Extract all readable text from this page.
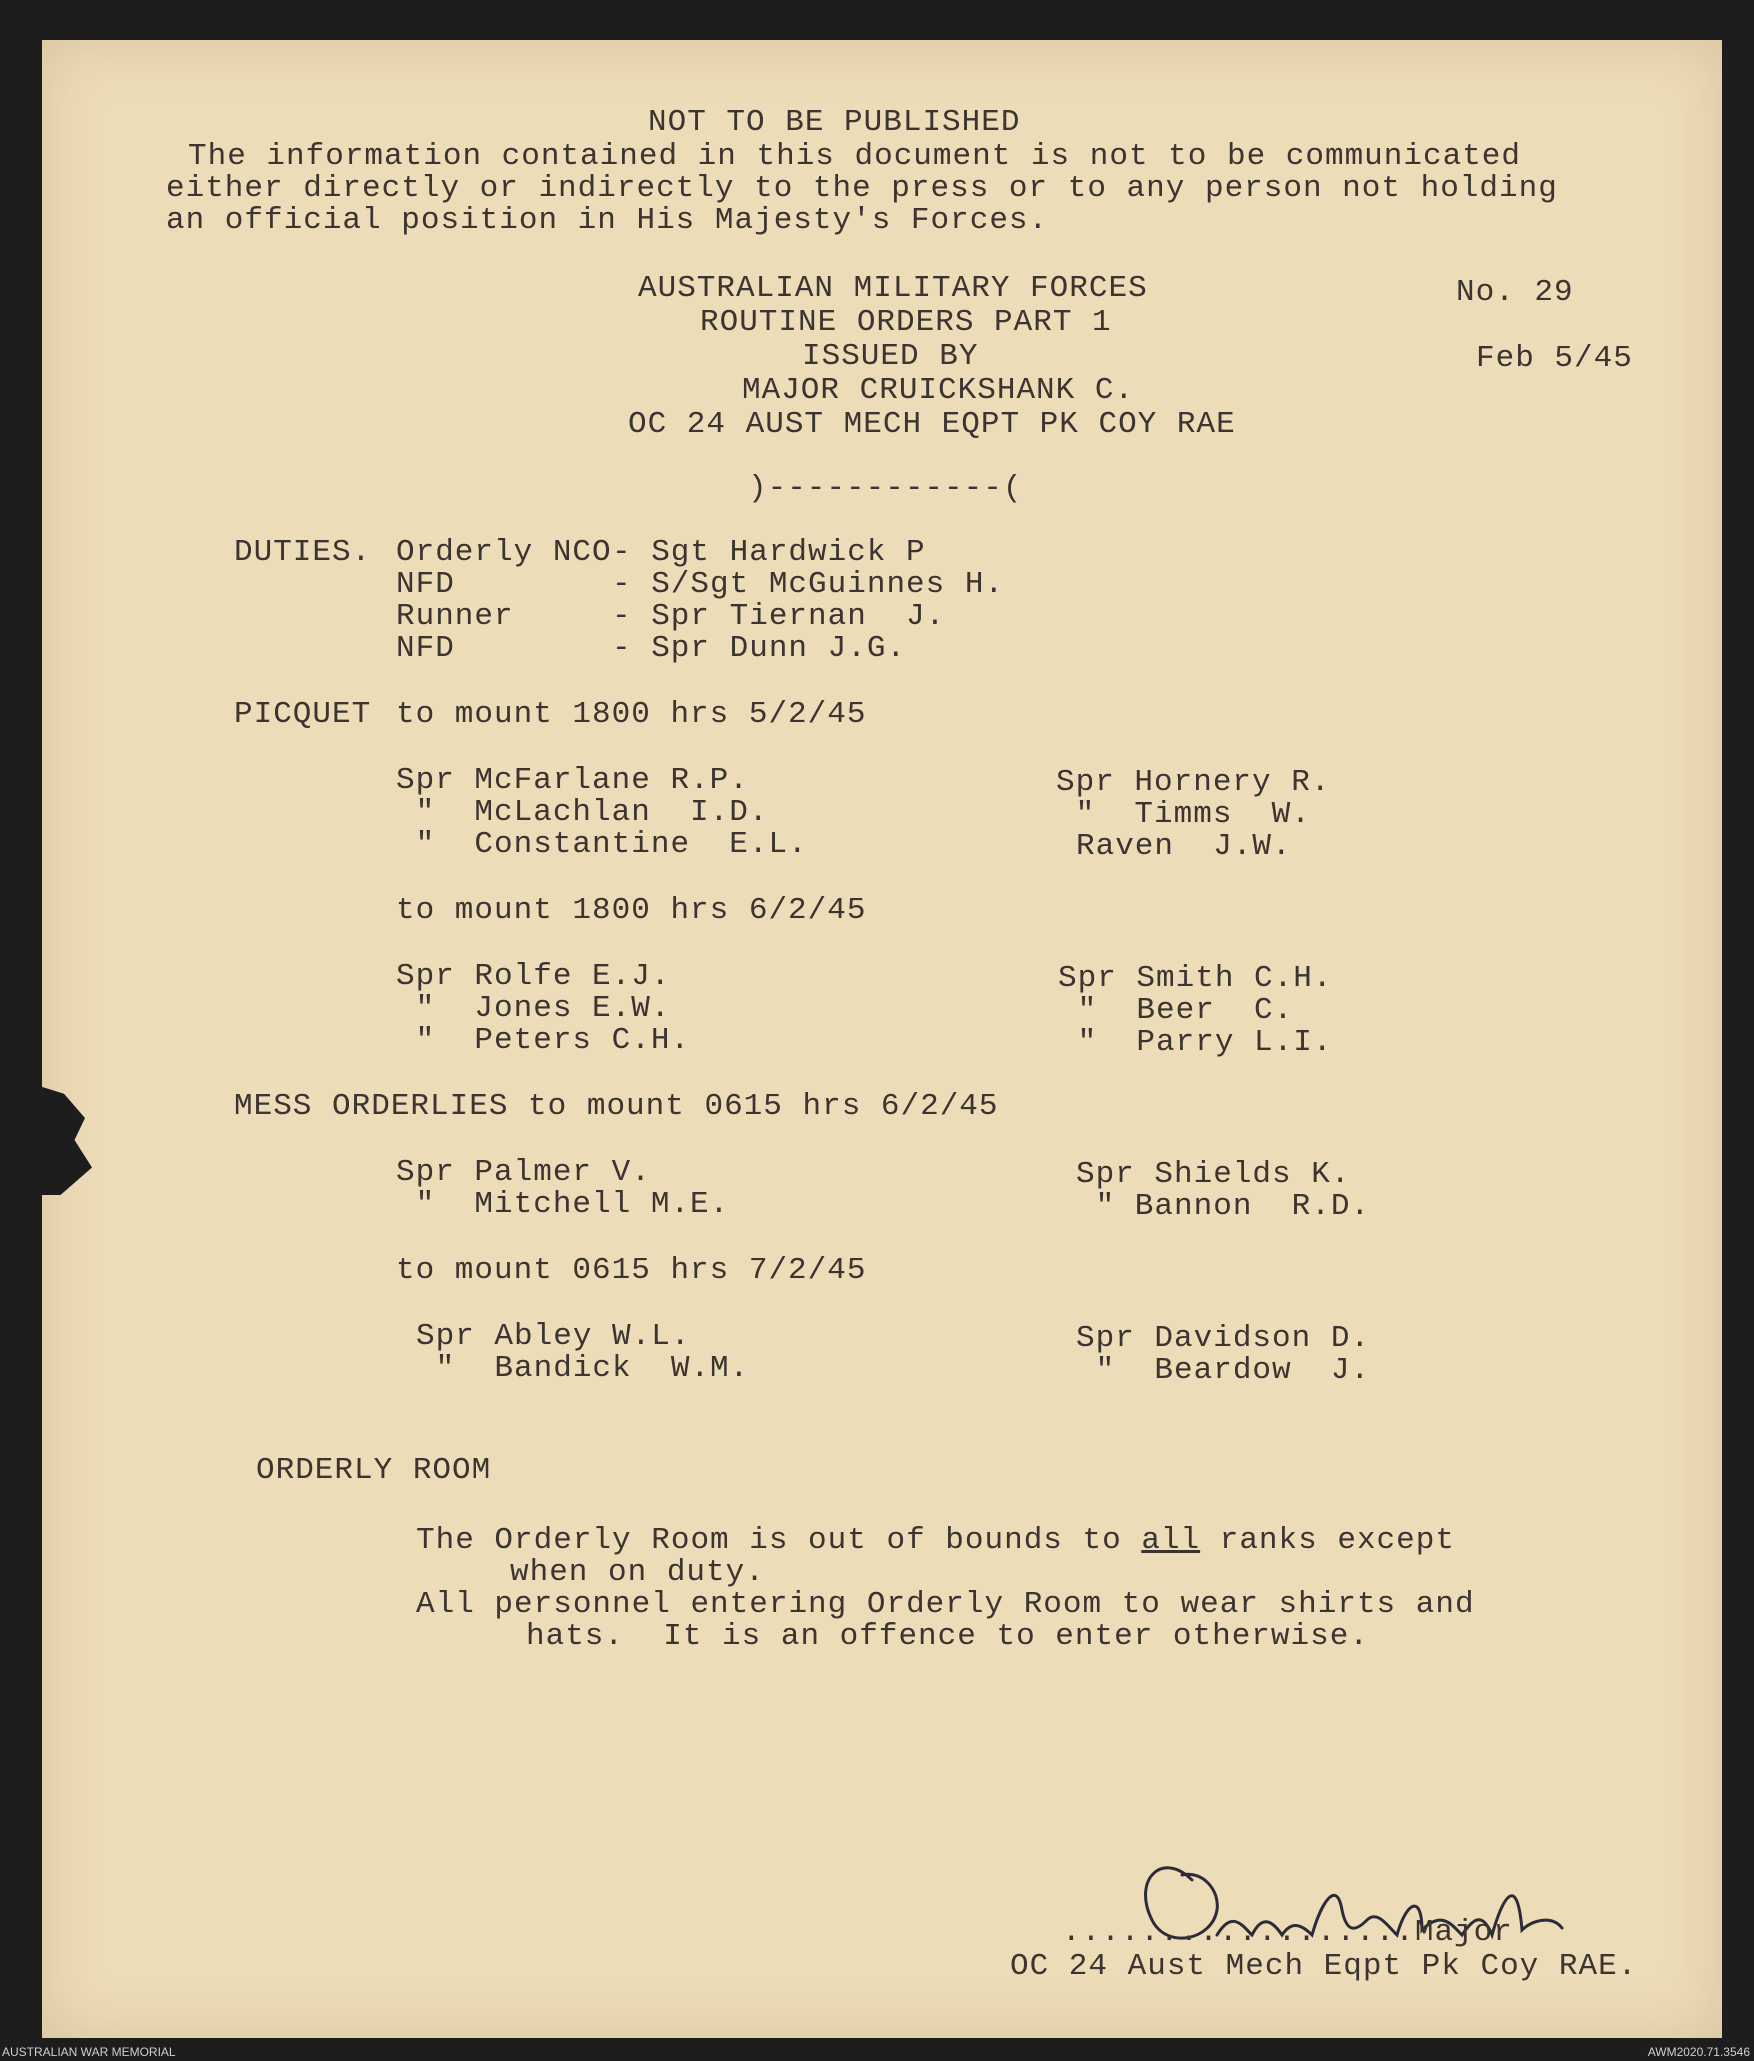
NOT TO BE PUBLISHED
The information contained in this document is not to be communicated
either directly or indirectly to the press or to any person not holding
an official position in His Majesty's Forces.
AUSTRALIAN MILITARY FORCES
ROUTINE ORDERS PART 1
ISSUED BY
MAJOR CRUICKSHANK C.
OC 24 AUST MECH EQPT PK COY RAE
No. 29
Feb 5/45
)------------(
DUTIES. Orderly NCO
NFD
Runner
NFD
- Sgt Hardwick P
- S/Sgt McGuinnes H.
- Spr Tiernan  J.
- Spr Dunn J.G.
PICQUET to mount 1800 hrs 5/2/45
Spr McFarlane R.P.
"  McLachlan  I.D.
"  Constantine  E.L.
Spr Hornery R.
"  Timms  W.
Raven  J.W.
to mount 1800 hrs 6/2/45
Spr Rolfe E.J.
"  Jones E.W.
"  Peters C.H.
Spr Smith C.H.
"  Beer  C.
"  Parry L.I.
MESS ORDERLIES to mount 0615 hrs 6/2/45
Spr Palmer V.
"  Mitchell M.E.
Spr Shields K.
" Bannon  R.D.
to mount 0615 hrs 7/2/45
Spr Abley W.L.
"  Bandick  W.M.
Spr Davidson D.
"  Beardow  J.
ORDERLY ROOM
The Orderly Room is out of bounds to all ranks except
when on duty.
All personnel entering Orderly Room to wear shirts and
hats.  It is an offence to enter otherwise.
..................Major
OC 24 Aust Mech Eqpt Pk Coy RAE.
AUSTRALIAN WAR MEMORIAL	AWM2020.71.3546
